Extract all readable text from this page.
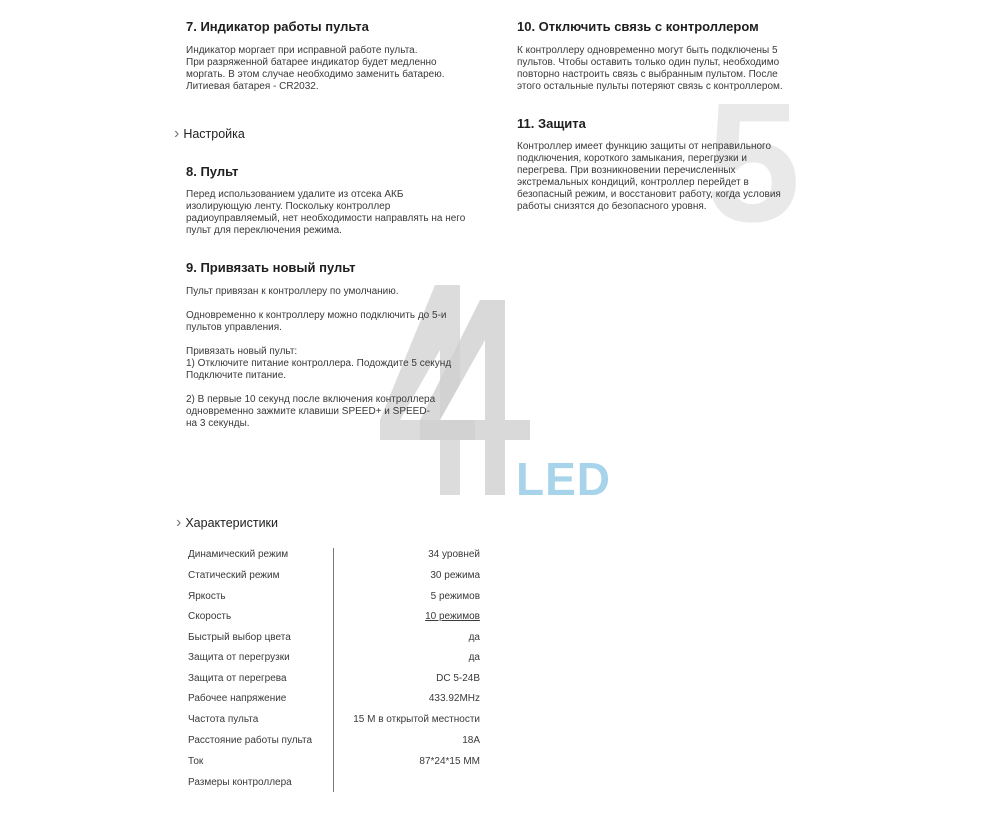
5
LED
7. Индикатор работы пульта
Индикатор моргает при исправной работе пульта.
При разряженной батарее индикатор будет медленно
моргать. В этом случае необходимо заменить батарею.
Литиевая батарея - CR2032.
› Настройка
8. Пульт
Перед использованием удалите из отсека АКБ
изолирующую ленту. Поскольку контроллер
радиоуправляемый, нет необходимости направлять на него
пульт для переключения режима.
9. Привязать новый пульт
Пульт привязан к контроллеру по умолчанию.
Одновременно к контроллеру можно подключить до 5-и
пультов управления.
Привязать новый пульт:
1) Отключите питание контроллера. Подождите 5 секунд
Подключите питание.
2) В первые 10 секунд после включения контроллера
одновременно зажмите клавиши SPEED+ и SPEED-
на 3 секунды.
10. Отключить связь с контроллером
К контроллеру одновременно могут быть подключены 5
пультов. Чтобы оставить только один пульт, необходимо
повторно настроить связь с выбранным пультом. После
этого остальные пульты потеряют связь с контроллером.
11. Защита
Контроллер имеет функцию защиты от неправильного
подключения, короткого замыкания, перегрузки и
перегрева. При возникновении перечисленных
экстремальных кондиций, контроллер перейдет в
безопасный режим, и восстановит работу, когда условия
работы снизятся до безопасного уровня.
› Характеристики
Динамический режим	34 уровней
Статический режим	30 режима
Яркость	5 режимов
Скорость	10 режимов
Быстрый выбор цвета	да
Защита от перегрузки	да
Защита от перегрева	DC 5-24В
Рабочее напряжение	433.92MHz
Частота пульта	15 М в открытой местности
Расстояние работы пульта	18A
Ток	87*24*15 MM
Размеры контроллера
